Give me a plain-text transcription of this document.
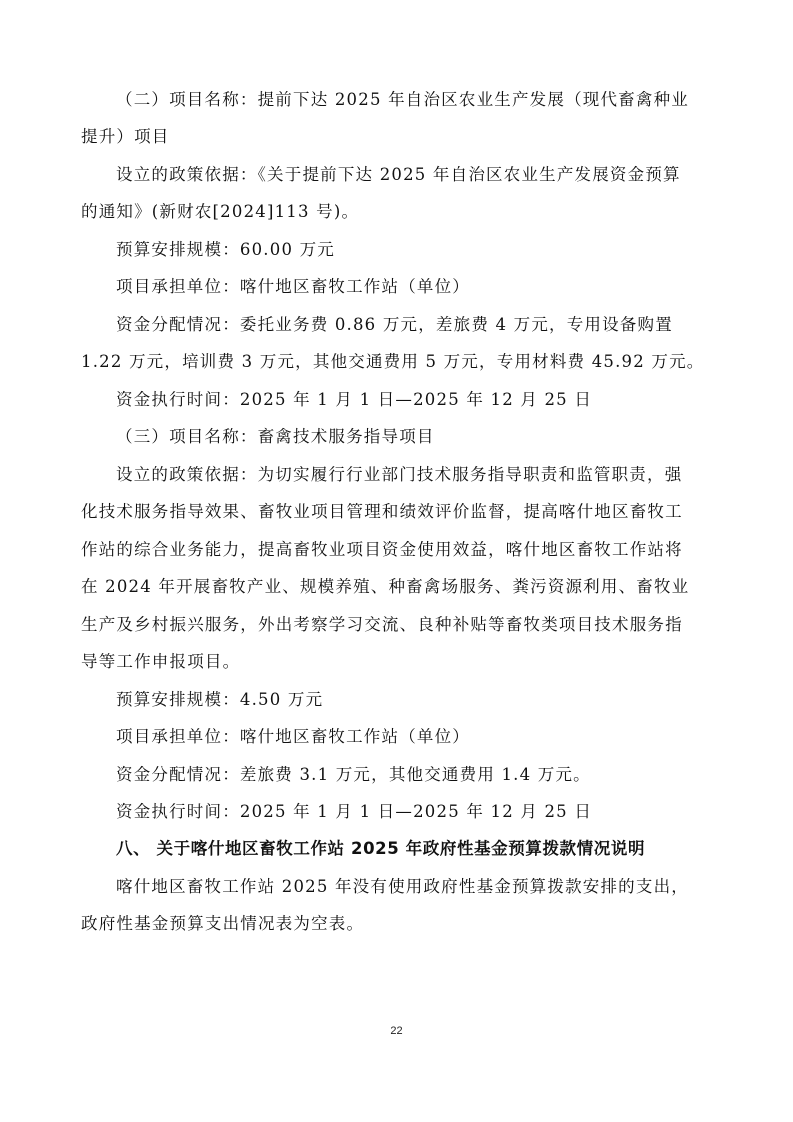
（二）项目名称：提前下达 2025 年自治区农业生产发展（现代畜禽种业
提升）项目
设立的政策依据：《关于提前下达 2025 年自治区农业生产发展资金预算
的通知》(新财农[2024]113 号)。
预算安排规模：60.00 万元
项目承担单位：喀什地区畜牧工作站（单位）
资金分配情况：委托业务费 0.86 万元，差旅费 4 万元，专用设备购置
1.22 万元，培训费 3 万元，其他交通费用 5 万元，专用材料费 45.92 万元。
资金执行时间：2025 年 1 月 1 日—2025 年 12 月 25 日
（三）项目名称：畜禽技术服务指导项目
设立的政策依据：为切实履行行业部门技术服务指导职责和监管职责，强
化技术服务指导效果、畜牧业项目管理和绩效评价监督，提高喀什地区畜牧工
作站的综合业务能力，提高畜牧业项目资金使用效益，喀什地区畜牧工作站将
在 2024 年开展畜牧产业、规模养殖、种畜禽场服务、粪污资源利用、畜牧业
生产及乡村振兴服务，外出考察学习交流、良种补贴等畜牧类项目技术服务指
导等工作申报项目。
预算安排规模：4.50 万元
项目承担单位：喀什地区畜牧工作站（单位）
资金分配情况：差旅费 3.1 万元，其他交通费用 1.4 万元。
资金执行时间：2025 年 1 月 1 日—2025 年 12 月 25 日
八、 关于喀什地区畜牧工作站 2025 年政府性基金预算拨款情况说明
喀什地区畜牧工作站 2025 年没有使用政府性基金预算拨款安排的支出，
政府性基金预算支出情况表为空表。
22
